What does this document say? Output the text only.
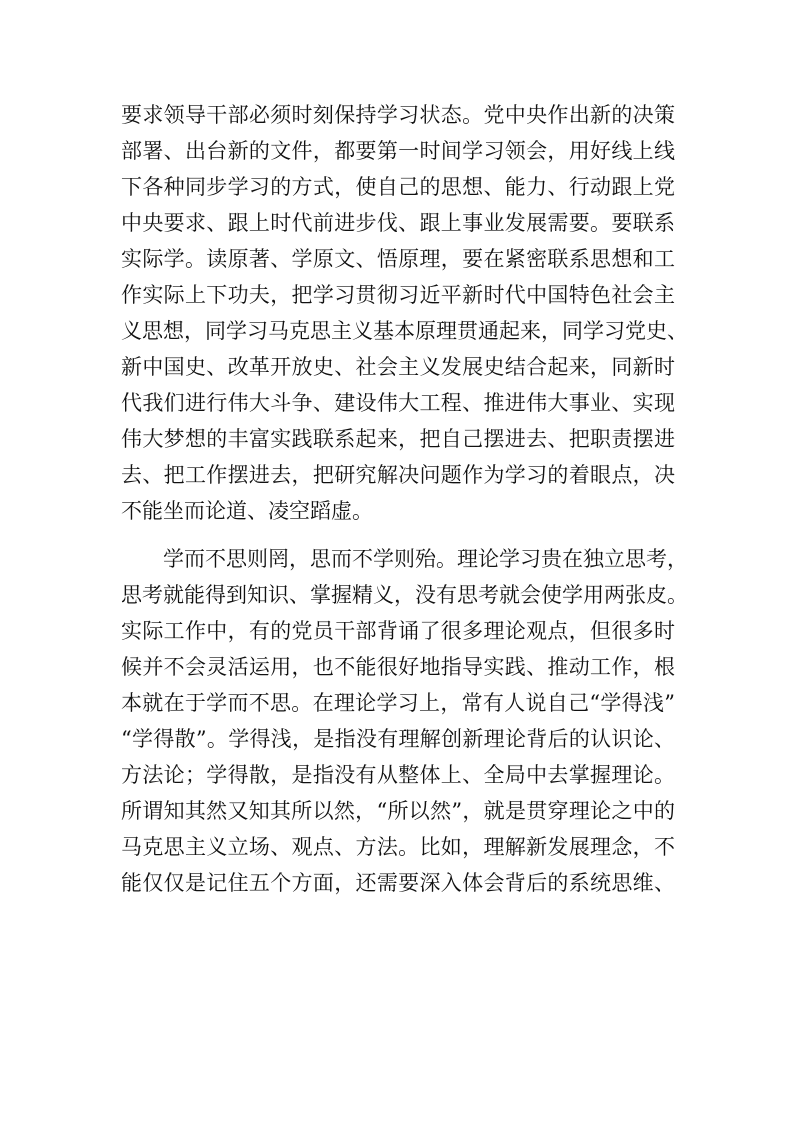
要求领导干部必须时刻保持学习状态。党中央作出新的决策
部署、出台新的文件，都要第一时间学习领会，用好线上线
下各种同步学习的方式，使自己的思想、能力、行动跟上党
中央要求、跟上时代前进步伐、跟上事业发展需要。要联系
实际学。读原著、学原文、悟原理，要在紧密联系思想和工
作实际上下功夫，把学习贯彻习近平新时代中国特色社会主
义思想，同学习马克思主义基本原理贯通起来，同学习党史、
新中国史、改革开放史、社会主义发展史结合起来，同新时
代我们进行伟大斗争、建设伟大工程、推进伟大事业、实现
伟大梦想的丰富实践联系起来，把自己摆进去、把职责摆进
去、把工作摆进去，把研究解决问题作为学习的着眼点，决
不能坐而论道、凌空蹈虚。
学而不思则罔，思而不学则殆。理论学习贵在独立思考，
思考就能得到知识、掌握精义，没有思考就会使学用两张皮。
实际工作中，有的党员干部背诵了很多理论观点，但很多时
候并不会灵活运用，也不能很好地指导实践、推动工作，根
本就在于学而不思。在理论学习上，常有人说自己“学得浅”
“学得散”。学得浅，是指没有理解创新理论背后的认识论、
方法论；学得散，是指没有从整体上、全局中去掌握理论。
所谓知其然又知其所以然，“所以然”，就是贯穿理论之中的
马克思主义立场、观点、方法。比如，理解新发展理念，不
能仅仅是记住五个方面，还需要深入体会背后的系统思维、
